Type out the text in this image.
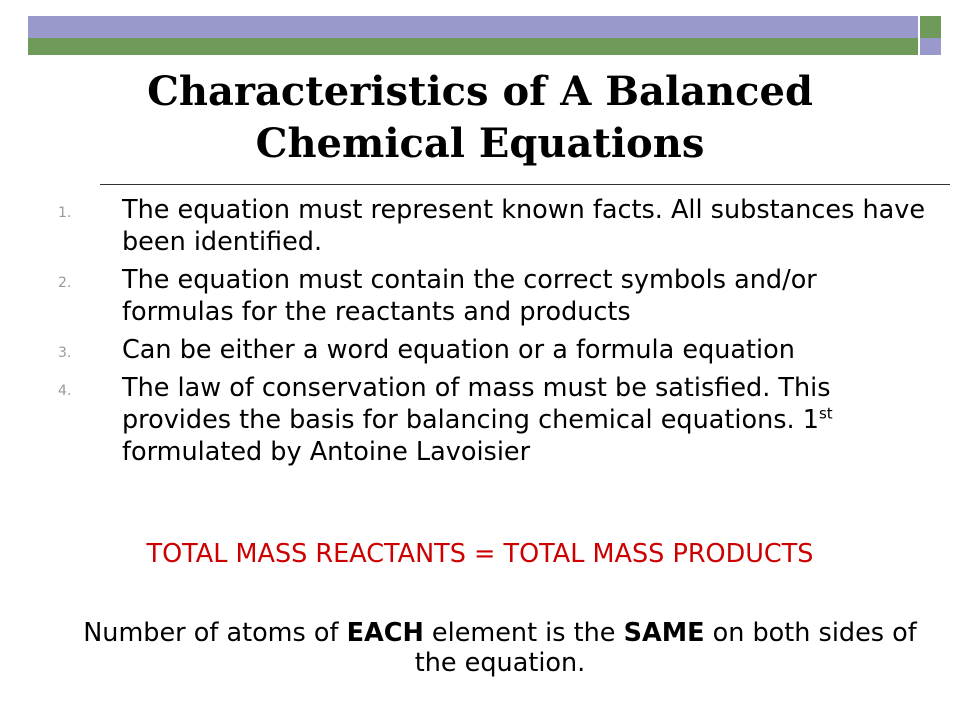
Characteristics of A Balanced
Chemical Equations
1.	The equation must represent known facts. All substances have been identified.
2.	The equation must contain the correct symbols and/or formulas for the reactants and products
3.	Can be either a word equation or a formula equation
4.	The law of conservation of mass must be satisfied. This provides the basis for balancing chemical equations. 1st formulated by Antoine Lavoisier
TOTAL MASS REACTANTS = TOTAL MASS PRODUCTS
Number of atoms of EACH element is the SAME on both sides of the equation.
